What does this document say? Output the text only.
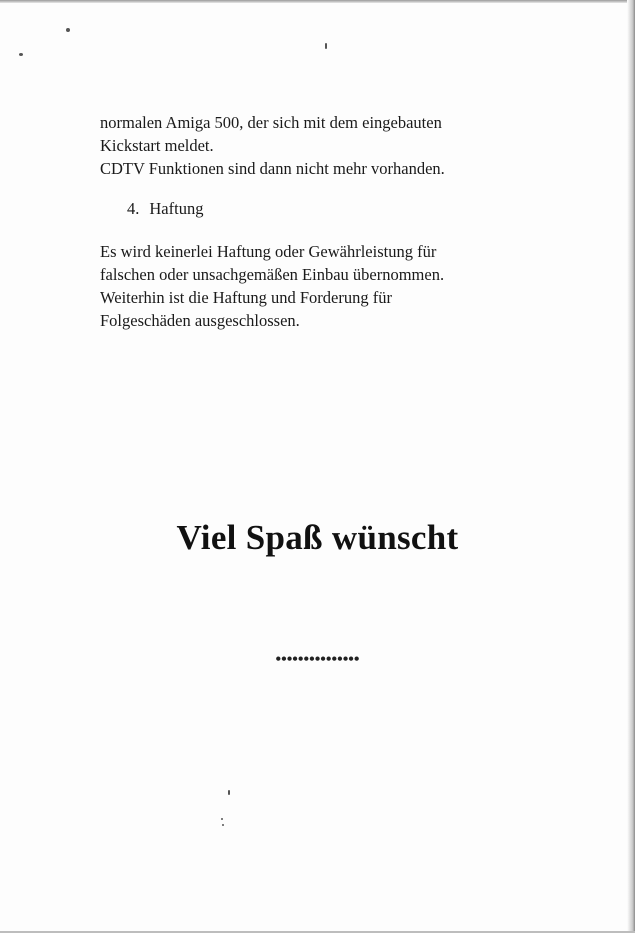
normalen Amiga 500, der sich mit dem eingebauten
Kickstart meldet.
CDTV Funktionen sind dann nicht mehr vorhanden.
4. Haftung
Es wird keinerlei Haftung oder Gewährleistung für
falschen oder unsachgemäßen Einbau übernommen.
Weiterhin ist die Haftung und Forderung für
Folgeschäden ausgeschlossen.
Viel Spaß wünscht
•••••••••••••••
